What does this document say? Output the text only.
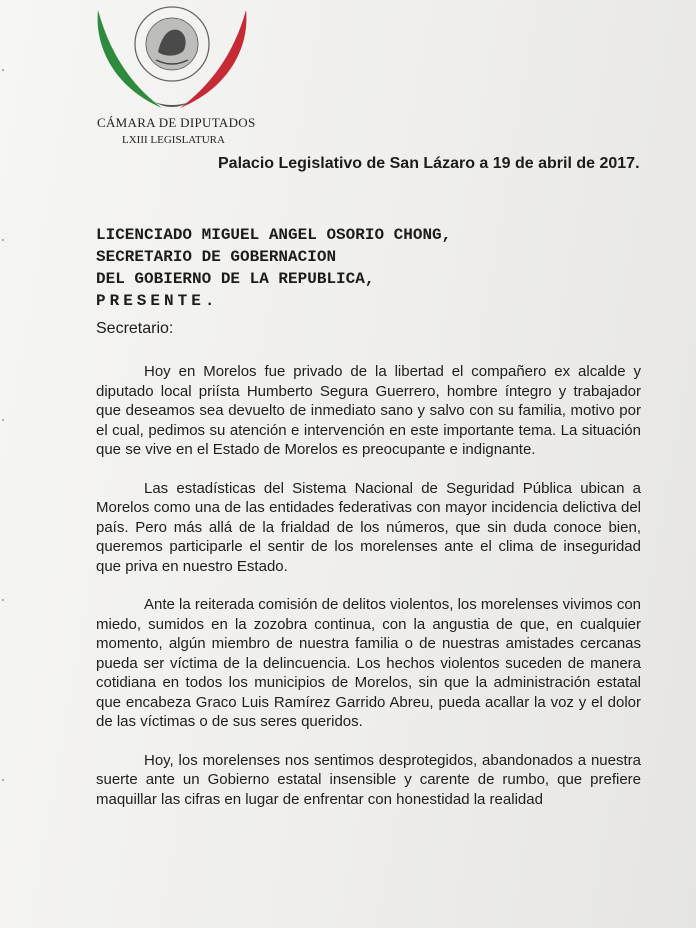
CÁMARA DE DIPUTADOS
LXIII LEGISLATURA
Palacio Legislativo de San Lázaro a 19 de abril de 2017.
LICENCIADO MIGUEL ANGEL OSORIO CHONG,
SECRETARIO DE GOBERNACION
DEL GOBIERNO DE LA REPUBLICA,
PRESENTE.
Secretario:

Hoy en Morelos fue privado de la libertad el compañero ex alcalde y diputado local priísta Humberto Segura Guerrero, hombre íntegro y trabajador que deseamos sea devuelto de inmediato sano y salvo con su familia, motivo por el cual, pedimos su atención e intervención en este importante tema. La situación que se vive en el Estado de Morelos es preocupante e indignante.

Las estadísticas del Sistema Nacional de Seguridad Pública ubican a Morelos como una de las entidades federativas con mayor incidencia delictiva del país. Pero más allá de la frialdad de los números, que sin duda conoce bien, queremos participarle el sentir de los morelenses ante el clima de inseguridad que priva en nuestro Estado.

Ante la reiterada comisión de delitos violentos, los morelenses vivimos con miedo, sumidos en la zozobra continua, con la angustia de que, en cualquier momento, algún miembro de nuestra familia o de nuestras amistades cercanas pueda ser víctima de la delincuencia. Los hechos violentos suceden de manera cotidiana en todos los municipios de Morelos, sin que la administración estatal que encabeza Graco Luis Ramírez Garrido Abreu, pueda acallar la voz y el dolor de las víctimas o de sus seres queridos.

Hoy, los morelenses nos sentimos desprotegidos, abandonados a nuestra suerte ante un Gobierno estatal insensible y carente de rumbo, que prefiere maquillar las cifras en lugar de enfrentar con honestidad la realidad
